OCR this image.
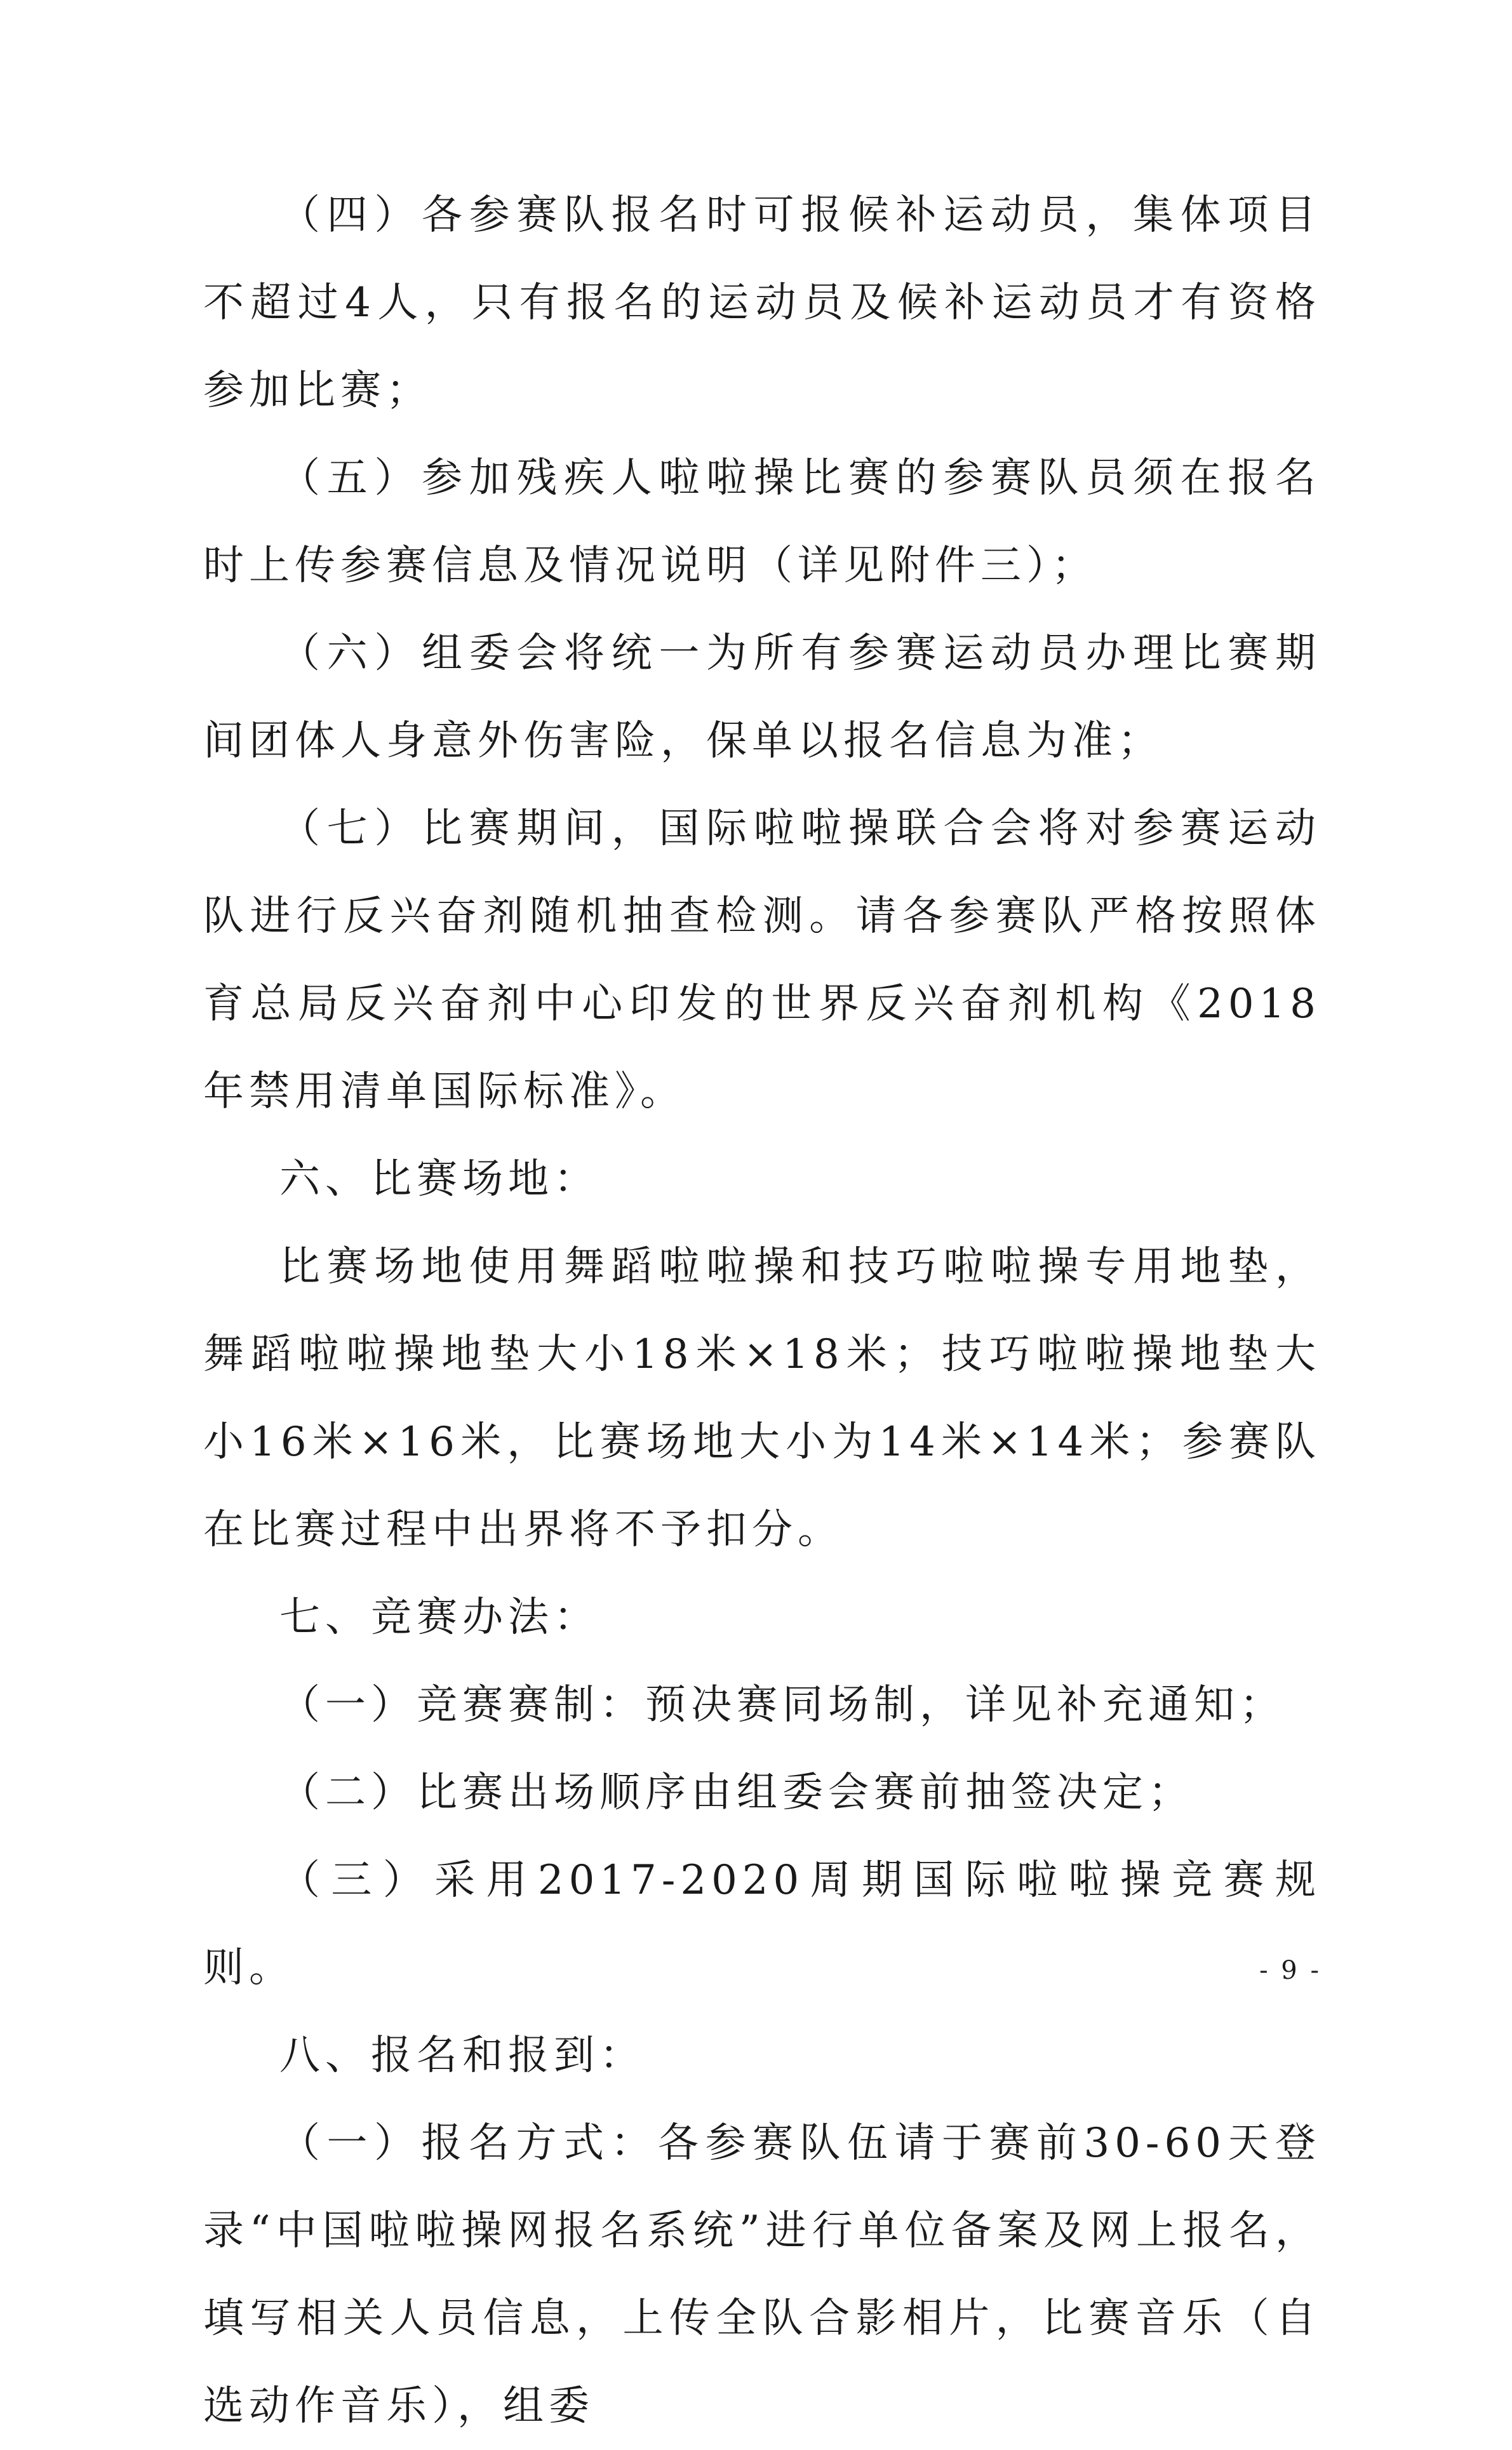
（四）各参赛队报名时可报候补运动员，集体项目不超过4人，只有报名的运动员及候补运动员才有资格参加比赛；

（五）参加残疾人啦啦操比赛的参赛队员须在报名时上传参赛信息及情况说明（详见附件三）；

（六）组委会将统一为所有参赛运动员办理比赛期间团体人身意外伤害险，保单以报名信息为准；

（七）比赛期间，国际啦啦操联合会将对参赛运动队进行反兴奋剂随机抽查检测。请各参赛队严格按照体育总局反兴奋剂中心印发的世界反兴奋剂机构《2018年禁用清单国际标准》。

六、比赛场地：

比赛场地使用舞蹈啦啦操和技巧啦啦操专用地垫，舞蹈啦啦操地垫大小18米×18米；技巧啦啦操地垫大小16米×16米，比赛场地大小为14米×14米；参赛队在比赛过程中出界将不予扣分。

七、竞赛办法：

（一）竞赛赛制：预决赛同场制，详见补充通知；

（二）比赛出场顺序由组委会赛前抽签决定；

（三）采用2017-2020周期国际啦啦操竞赛规则。

八、报名和报到：

（一）报名方式：各参赛队伍请于赛前30-60天登录“中国啦啦操网报名系统”进行单位备案及网上报名，填写相关人员信息，上传全队合影相片，比赛音乐（自选动作音乐），组委

- 9 -
